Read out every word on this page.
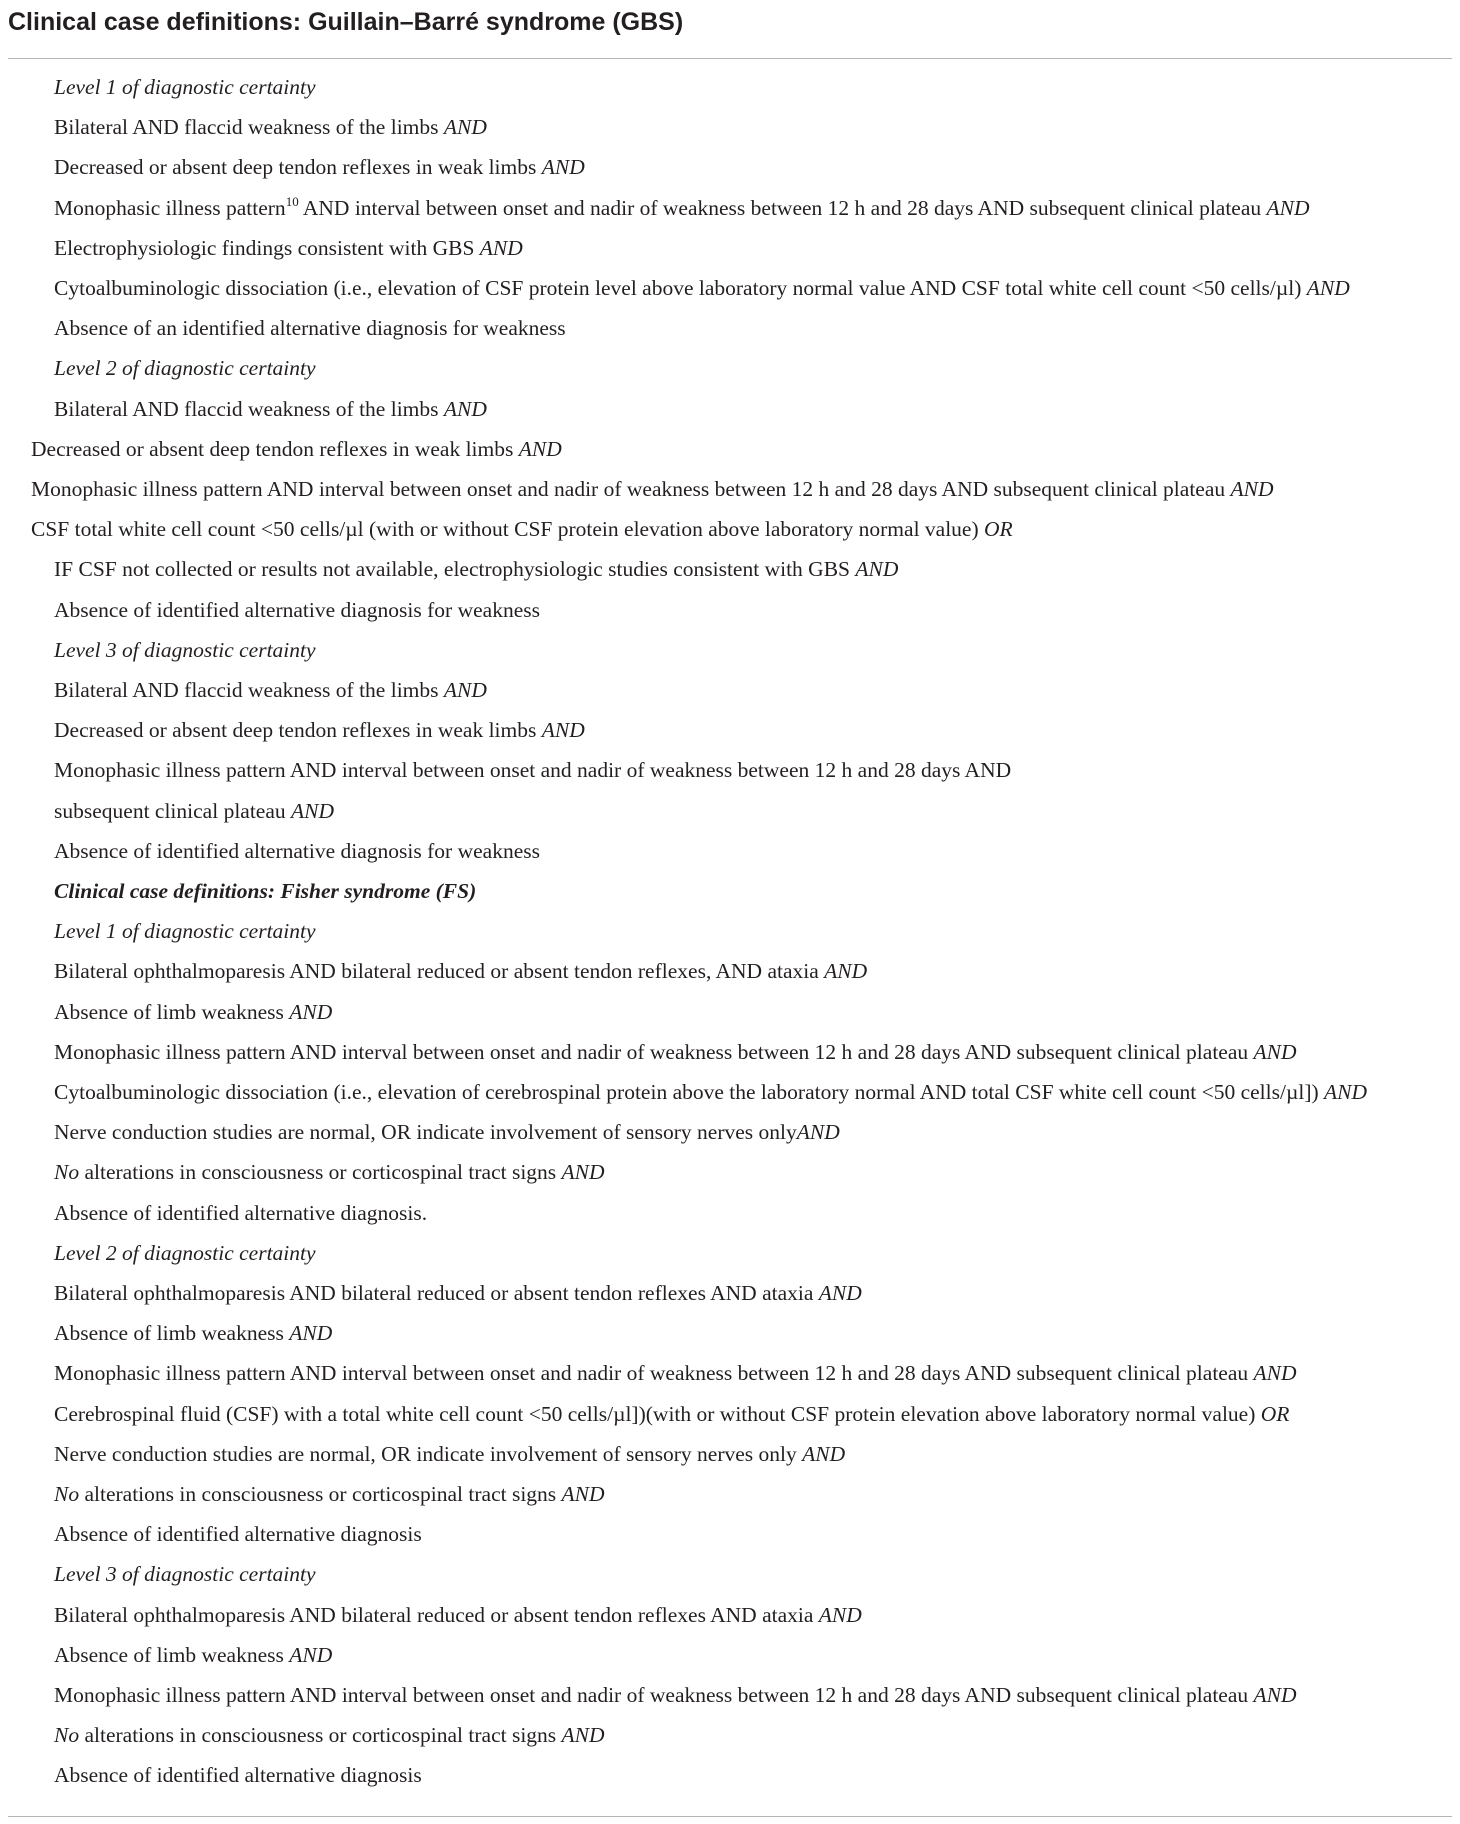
Clinical case definitions: Guillain–Barré syndrome (GBS)
Level 1 of diagnostic certainty
Bilateral AND flaccid weakness of the limbs AND
Decreased or absent deep tendon reflexes in weak limbs AND
Monophasic illness pattern$^{10}$ AND interval between onset and nadir of weakness between 12 h and 28 days AND subsequent clinical plateau AND
Electrophysiologic findings consistent with GBS AND
Cytoalbuminologic dissociation (i.e., elevation of CSF protein level above laboratory normal value AND CSF total white cell count <50 cells/µl) AND
Absence of an identified alternative diagnosis for weakness
Level 2 of diagnostic certainty
Bilateral AND flaccid weakness of the limbs AND
Decreased or absent deep tendon reflexes in weak limbs AND
Monophasic illness pattern AND interval between onset and nadir of weakness between 12 h and 28 days AND subsequent clinical plateau AND
CSF total white cell count <50 cells/µl (with or without CSF protein elevation above laboratory normal value) OR
IF CSF not collected or results not available, electrophysiologic studies consistent with GBS AND
Absence of identified alternative diagnosis for weakness
Level 3 of diagnostic certainty
Bilateral AND flaccid weakness of the limbs AND
Decreased or absent deep tendon reflexes in weak limbs AND
Monophasic illness pattern AND interval between onset and nadir of weakness between 12 h and 28 days AND
subsequent clinical plateau AND
Absence of identified alternative diagnosis for weakness
Clinical case definitions: Fisher syndrome (FS)
Level 1 of diagnostic certainty
Bilateral ophthalmoparesis AND bilateral reduced or absent tendon reflexes, AND ataxia AND
Absence of limb weakness AND
Monophasic illness pattern AND interval between onset and nadir of weakness between 12 h and 28 days AND subsequent clinical plateau AND
Cytoalbuminologic dissociation (i.e., elevation of cerebrospinal protein above the laboratory normal AND total CSF white cell count <50 cells/µl]) AND
Nerve conduction studies are normal, OR indicate involvement of sensory nerves onlyAND
No alterations in consciousness or corticospinal tract signs AND
Absence of identified alternative diagnosis.
Level 2 of diagnostic certainty
Bilateral ophthalmoparesis AND bilateral reduced or absent tendon reflexes AND ataxia AND
Absence of limb weakness AND
Monophasic illness pattern AND interval between onset and nadir of weakness between 12 h and 28 days AND subsequent clinical plateau AND
Cerebrospinal fluid (CSF) with a total white cell count <50 cells/µl])(with or without CSF protein elevation above laboratory normal value) OR
Nerve conduction studies are normal, OR indicate involvement of sensory nerves only AND
No alterations in consciousness or corticospinal tract signs AND
Absence of identified alternative diagnosis
Level 3 of diagnostic certainty
Bilateral ophthalmoparesis AND bilateral reduced or absent tendon reflexes AND ataxia AND
Absence of limb weakness AND
Monophasic illness pattern AND interval between onset and nadir of weakness between 12 h and 28 days AND subsequent clinical plateau AND
No alterations in consciousness or corticospinal tract signs AND
Absence of identified alternative diagnosis
